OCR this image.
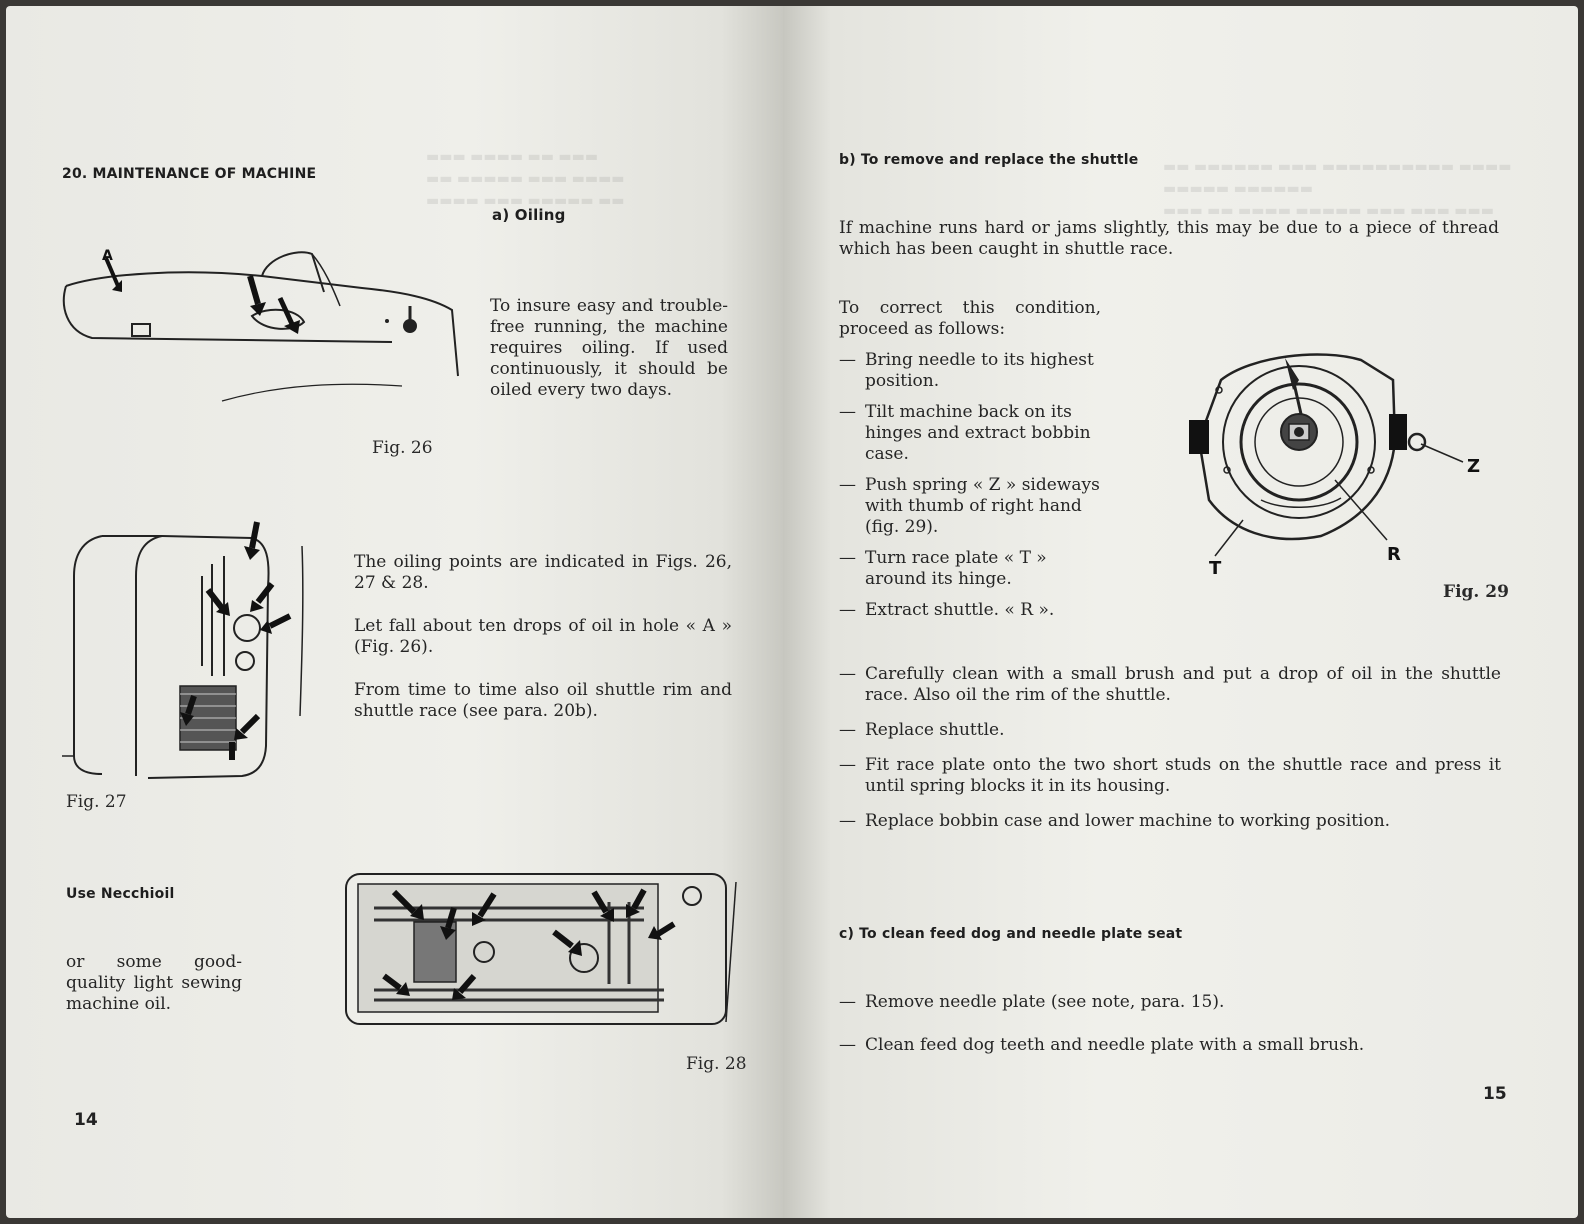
▬▬▬ ▬▬▬▬ ▬▬ ▬▬▬
▬▬ ▬▬▬▬▬ ▬▬▬ ▬▬▬▬
▬▬▬▬ ▬▬▬ ▬▬▬▬▬ ▬▬
20. MAINTENANCE OF MACHINE
A
Fig. 26
a) Oiling
To insure easy and trouble-free running, the machine requires oiling. If used continuously, it should be oiled every two days.
Fig. 27
The oiling points are indicated in Figs. 26, 27 & 28.
Let fall about ten drops of oil in hole « A » (Fig. 26).
From time to time also oil shuttle rim and shuttle race (see para. 20b).
Use Necchioil
or some good-quality light sewing machine oil.
Fig. 28
14
▬▬ ▬▬▬▬▬▬ ▬▬▬ ▬▬▬▬▬▬▬▬▬▬ ▬▬▬▬
▬▬▬▬▬ ▬▬▬▬▬▬
▬▬▬ ▬▬ ▬▬▬▬ ▬▬▬▬▬ ▬▬▬ ▬▬▬ ▬▬▬
b) To remove and replace the shuttle
If machine runs hard or jams slightly, this may be due to a piece of thread which has been caught in shuttle race.
To correct this condition, proceed as follows:
— Bring needle to its highest position.
— Tilt machine back on its hinges and extract bobbin case.
— Push spring « Z » sideways with thumb of right hand (fig. 29).
— Turn race plate « T » around its hinge.
— Extract shuttle. « R ».
Z
T
R
Fig. 29
— Carefully clean with a small brush and put a drop of oil in the shuttle race. Also oil the rim of the shuttle.
— Replace shuttle.
— Fit race plate onto the two short studs on the shuttle race and press it until spring blocks it in its housing.
— Replace bobbin case and lower machine to working position.
c) To clean feed dog and needle plate seat
— Remove needle plate (see note, para. 15).
— Clean feed dog teeth and needle plate with a small brush.
15
